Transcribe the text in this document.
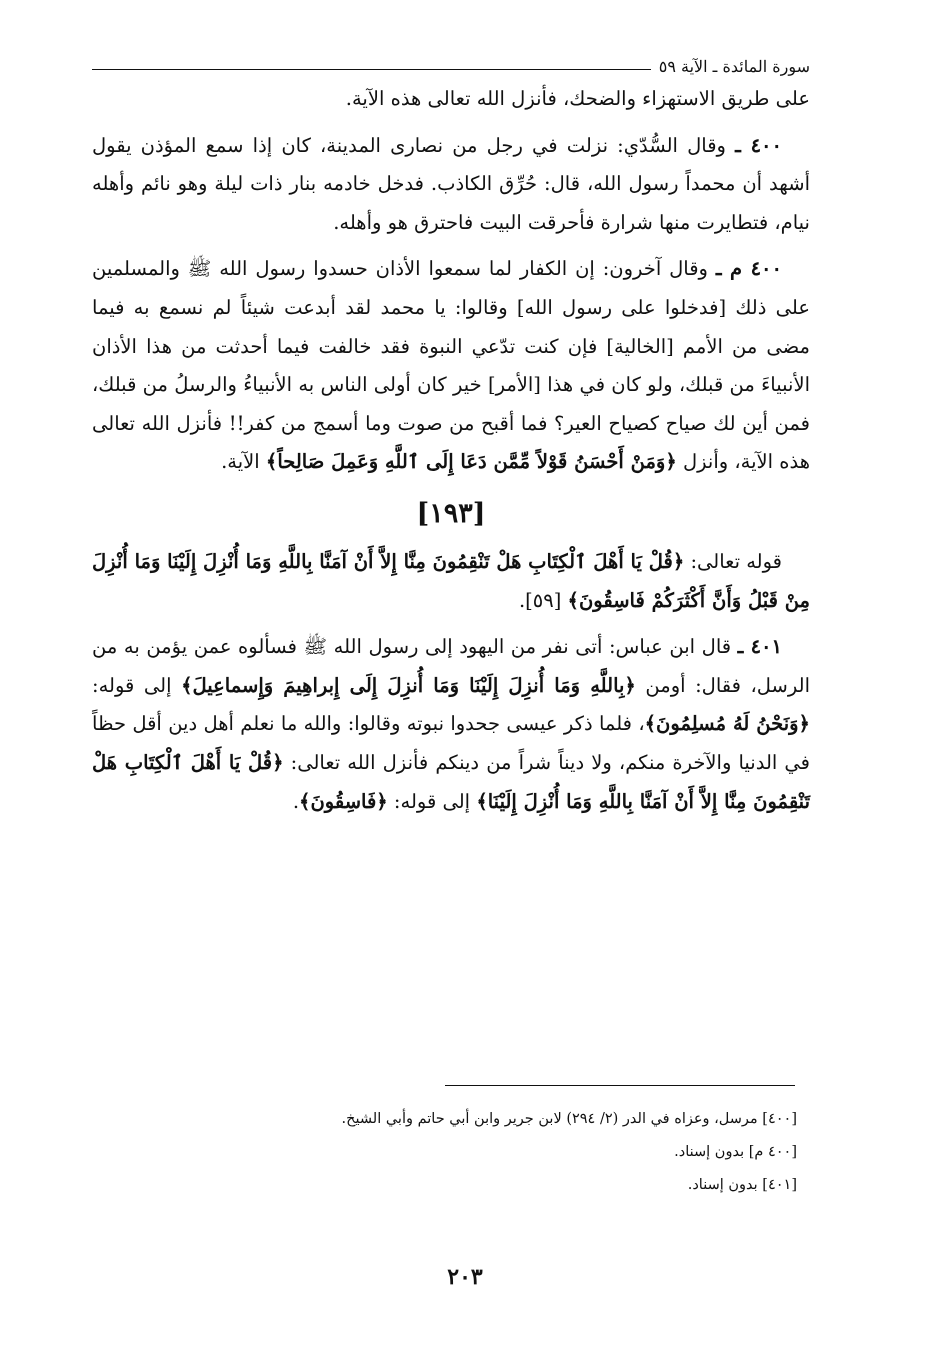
سورة المائدة ـ الآية ٥٩

على طريق الاستهزاء والضحك، فأنزل الله تعالى هذه الآية.

٤٠٠ ـ وقال السُّدّي: نزلت في رجل من نصارى المدينة، كان إذا سمع المؤذن يقول أشهد أن محمداً رسول الله، قال: حُرِّق الكاذب. فدخل خادمه بنار ذات ليلة وهو نائم وأهله نيام، فتطايرت منها شرارة فأحرقت البيت فاحترق هو وأهله.

٤٠٠ م ـ وقال آخرون: إن الكفار لما سمعوا الأذان حسدوا رسول الله ﷺ والمسلمين على ذلك [فدخلوا على رسول الله] وقالوا: يا محمد لقد أبدعت شيئاً لم نسمع به فيما مضى من الأمم [الخالية] فإن كنت تدّعي النبوة فقد خالفت فيما أحدثت من هذا الأذان الأنبياءَ من قبلك، ولو كان في هذا [الأمر] خير كان أولى الناس به الأنبياءُ والرسلُ من قبلك، فمن أين لك صياح كصياح العير؟ فما أقبح من صوت وما أسمج من كفر!! فأنزل الله تعالى هذه الآية، وأنزل ﴿وَمَنْ أَحْسَنُ قَوْلاً مِّمَّن دَعَا إِلَى ٱللَّهِ وَعَمِلَ صَالِحاً﴾ الآية.

[١٩٣]

قوله تعالى: ﴿قُلْ يَا أَهْلَ ٱلْكِتَابِ هَلْ تَنْقِمُونَ مِنَّا إِلاَّ أَنْ آمَنَّا بِاللَّهِ وَمَا أُنْزِلَ إِلَيْنَا وَمَا أُنْزِلَ مِنْ قَبْلُ وَأَنَّ أَكْثَرَكُمْ فَاسِقُونَ﴾ [٥٩].

٤٠١ ـ قال ابن عباس: أتى نفر من اليهود إلى رسول الله ﷺ فسألوه عمن يؤمن به من الرسل، فقال: أومن ﴿بِاللَّهِ وَمَا أُنزِلَ إِلَيْنَا وَمَا أُنزِلَ إِلَى إِبراهِيمَ وَإِسماعِيلَ﴾ إلى قوله: ﴿وَنَحْنُ لَهُ مُسلِمُونَ﴾، فلما ذكر عيسى جحدوا نبوته وقالوا: والله ما نعلم أهل دين أقل حظاً في الدنيا والآخرة منكم، ولا ديناً شراً من دينكم فأنزل الله تعالى: ﴿قُلْ يَا أَهْلَ ٱلْكِتَابِ هَلْ تَنْقِمُونَ مِنَّا إِلاَّ أَنْ آمَنَّا بِاللَّهِ وَمَا أُنْزِلَ إِلَيْنَا﴾ إلى قوله: ﴿فَاسِقُونَ﴾.

[٤٠٠] مرسل، وعزاه في الدر (٢/ ٢٩٤) لابن جرير وابن أبي حاتم وأبي الشيخ.

[٤٠٠ م] بدون إسناد.

[٤٠١] بدون إسناد.

٢٠٣
